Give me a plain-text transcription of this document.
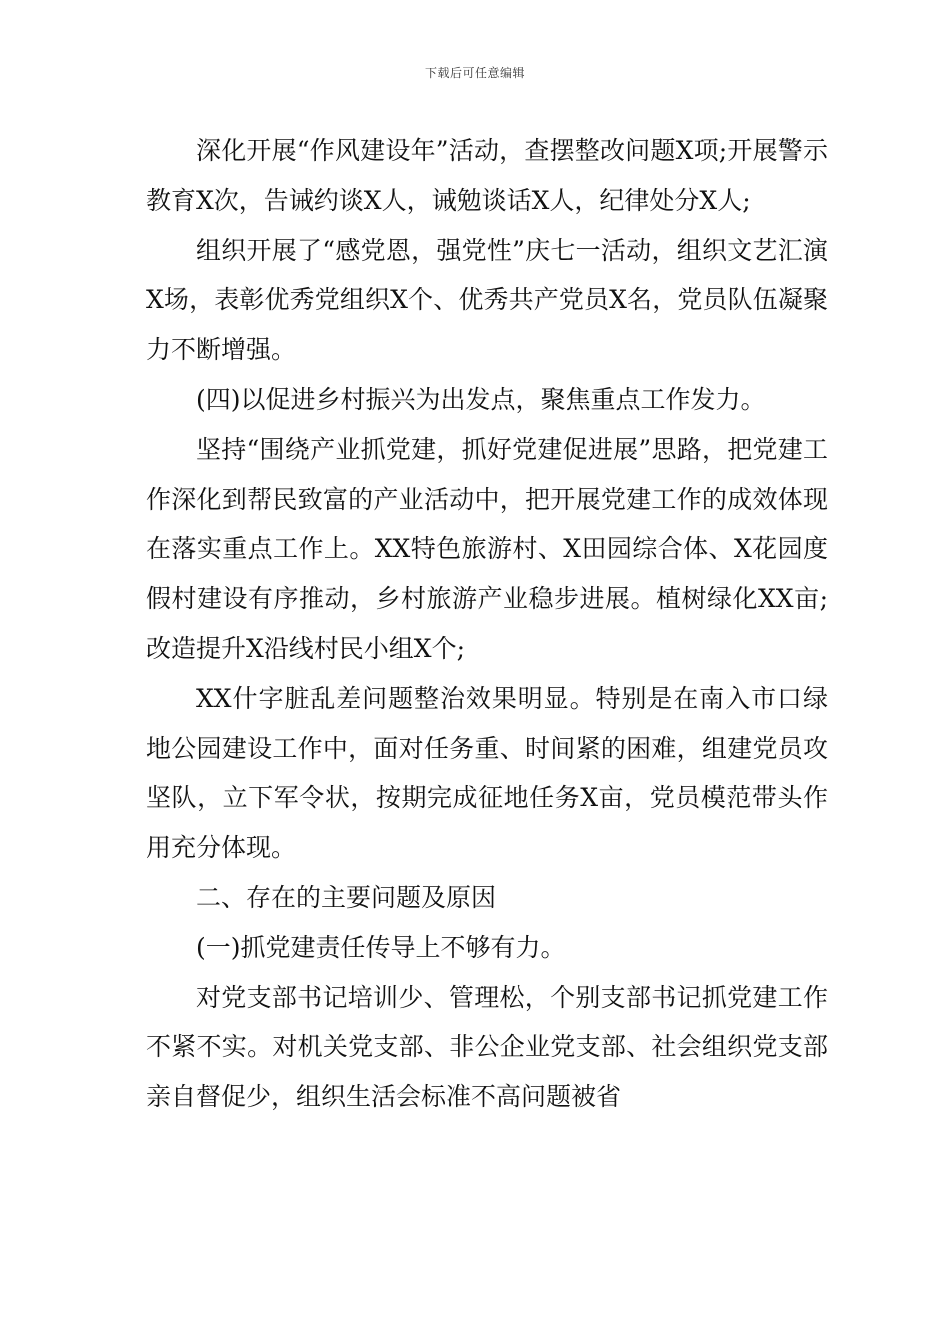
下载后可任意编辑

深化开展“作风建设年”活动，查摆整改问题X项;开展警示教育X次，告诫约谈X人，诫勉谈话X人，纪律处分X人;

组织开展了“感党恩，强党性”庆七一活动，组织文艺汇演X场，表彰优秀党组织X个、优秀共产党员X名，党员队伍凝聚力不断增强。

(四)以促进乡村振兴为出发点，聚焦重点工作发力。

坚持“围绕产业抓党建，抓好党建促进展”思路，把党建工作深化到帮民致富的产业活动中，把开展党建工作的成效体现在落实重点工作上。XX特色旅游村、X田园综合体、X花园度假村建设有序推动，乡村旅游产业稳步进展。植树绿化XX亩;改造提升X沿线村民小组X个;

XX什字脏乱差问题整治效果明显。特别是在南入市口绿地公园建设工作中，面对任务重、时间紧的困难，组建党员攻坚队，立下军令状，按期完成征地任务X亩，党员模范带头作用充分体现。

二、存在的主要问题及原因

(一)抓党建责任传导上不够有力。

对党支部书记培训少、管理松，个别支部书记抓党建工作不紧不实。对机关党支部、非公企业党支部、社会组织党支部亲自督促少，组织生活会标准不高问题被省
